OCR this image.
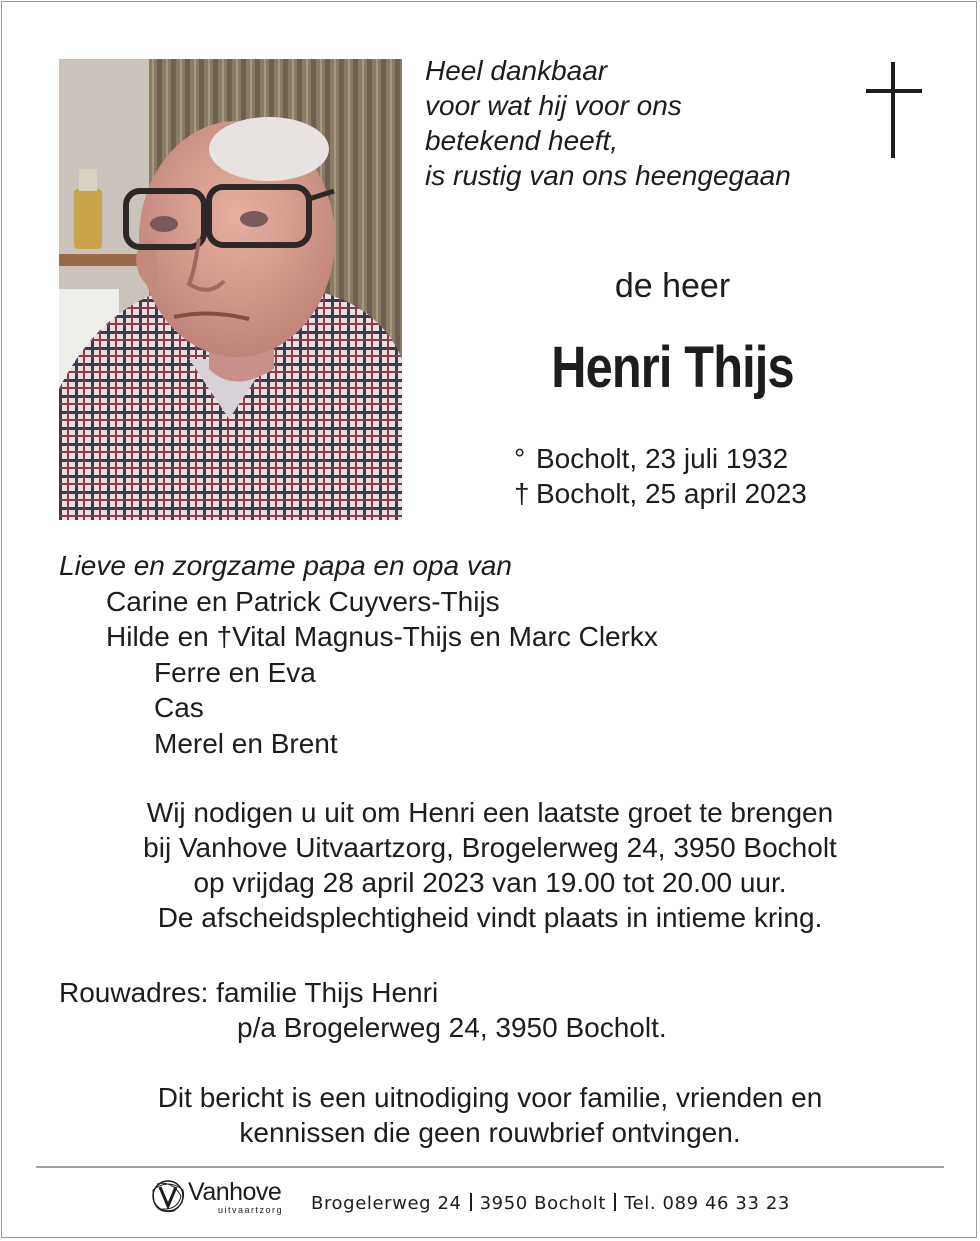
Heel dankbaar
voor wat hij voor ons
betekend heeft,
is rustig van ons heengegaan
de heer
Henri Thijs
° Bocholt, 23 juli 1932
† Bocholt, 25 april 2023
Lieve en zorgzame papa en opa van
Carine en Patrick Cuyvers-Thijs
Hilde en †Vital Magnus-Thijs en Marc Clerkx
Ferre en Eva
Cas
Merel en Brent
Wij nodigen u uit om Henri een laatste groet te brengen
bij Vanhove Uitvaartzorg, Brogelerweg 24, 3950 Bocholt
op vrijdag 28 april 2023 van 19.00 tot 20.00 uur.
De afscheidsplechtigheid vindt plaats in intieme kring.
Rouwadres: familie Thijs Henri
p/a Brogelerweg 24, 3950 Bocholt.
Dit bericht is een uitnodiging voor familie, vrienden en
kennissen die geen rouwbrief ontvingen.
Vanhove
uitvaartzorg Brogelerweg 24 3950 Bocholt Tel. 089 46 33 23
